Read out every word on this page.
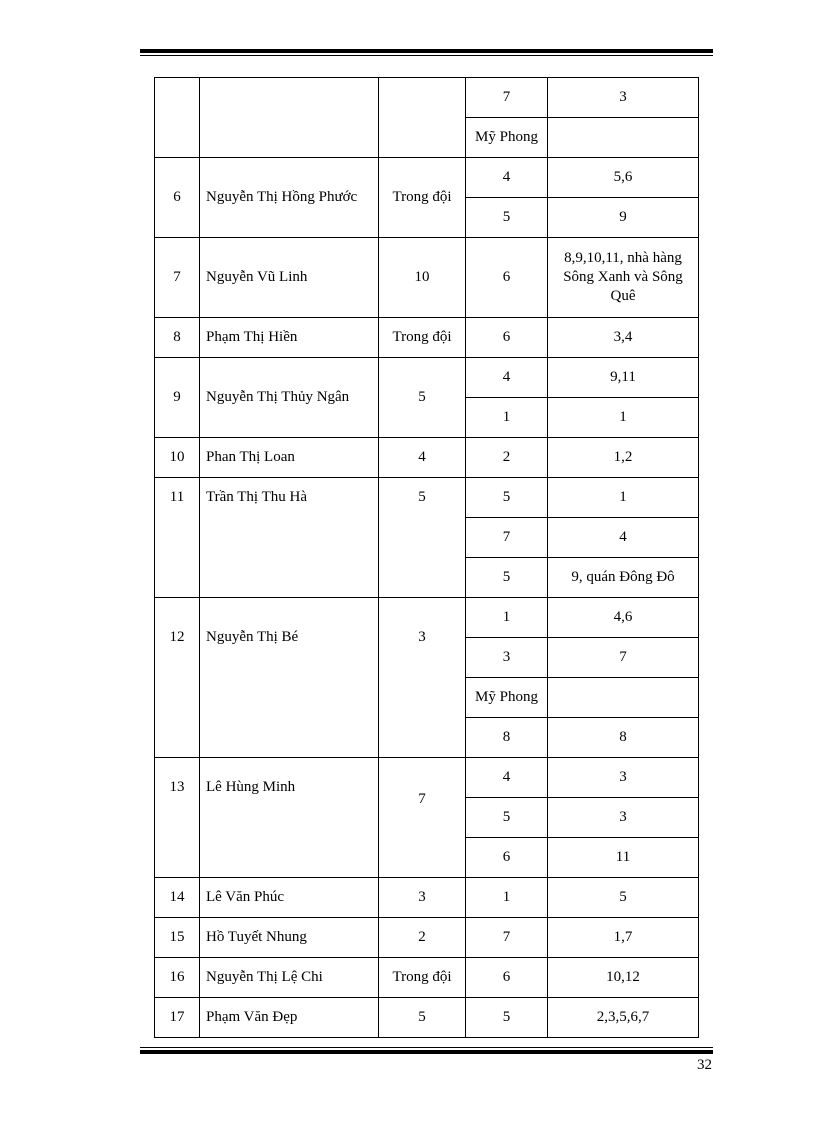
			7	3
			Mỹ Phong	
6	Nguyễn Thị Hồng Phước	Trong đội	4	5,6
			5	9
7	Nguyễn Vũ Linh	10	6	8,9,10,11, nhà hàng Sông Xanh và Sông Quê
8	Phạm Thị Hiền	Trong đội	6	3,4
9	Nguyễn Thị Thủy Ngân	5	4	9,11
			1	1
10	Phan Thị Loan	4	2	1,2
11	Trần Thị Thu Hà	5	5	1
			7	4
			5	9, quán Đông Đô
12	Nguyễn Thị Bé	3	1	4,6
			3	7
			Mỹ Phong	
			8	8
13	Lê Hùng Minh	7	4	3
			5	3
			6	11
14	Lê Văn Phúc	3	1	5
15	Hồ Tuyết Nhung	2	7	1,7
16	Nguyễn Thị Lệ Chi	Trong đội	6	10,12
17	Phạm Văn Đẹp	5	5	2,3,5,6,7
32
